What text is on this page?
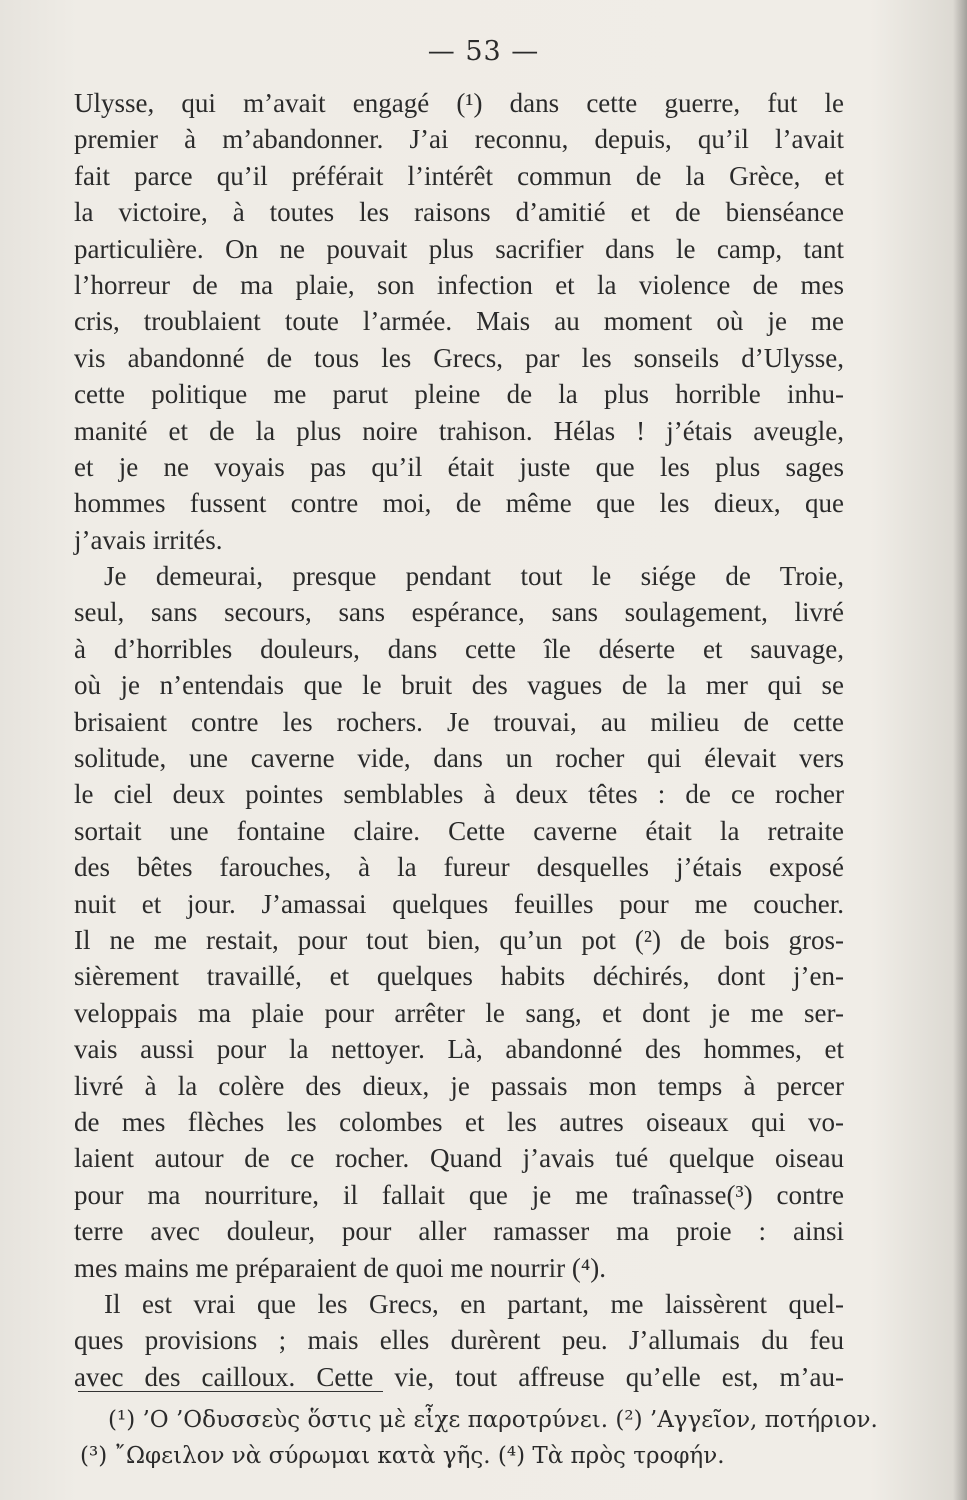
— 53 —
Ulysse, qui m’avait engagé (¹) dans cette guerre, fut le
premier à m’abandonner. J’ai reconnu, depuis, qu’il l’avait
fait parce qu’il préférait l’intérêt commun de la Grèce, et
la victoire, à toutes les raisons d’amitié et de bienséance
particulière. On ne pouvait plus sacrifier dans le camp, tant
l’horreur de ma plaie, son infection et la violence de mes
cris, troublaient toute l’armée. Mais au moment où je me
vis abandonné de tous les Grecs, par les sonseils d’Ulysse,
cette politique me parut pleine de la plus horrible inhu-
manité et de la plus noire trahison. Hélas ! j’étais aveugle,
et je ne voyais pas qu’il était juste que les plus sages
hommes fussent contre moi, de même que les dieux, que
j’avais irrités.
Je demeurai, presque pendant tout le siége de Troie,
seul, sans secours, sans espérance, sans soulagement, livré
à d’horribles douleurs, dans cette île déserte et sauvage,
où je n’entendais que le bruit des vagues de la mer qui se
brisaient contre les rochers. Je trouvai, au milieu de cette
solitude, une caverne vide, dans un rocher qui élevait vers
le ciel deux pointes semblables à deux têtes : de ce rocher
sortait une fontaine claire. Cette caverne était la retraite
des bêtes farouches, à la fureur desquelles j’étais exposé
nuit et jour. J’amassai quelques feuilles pour me coucher.
Il ne me restait, pour tout bien, qu’un pot (²) de bois gros-
sièrement travaillé, et quelques habits déchirés, dont j’en-
veloppais ma plaie pour arrêter le sang, et dont je me ser-
vais aussi pour la nettoyer. Là, abandonné des hommes, et
livré à la colère des dieux, je passais mon temps à percer
de mes flèches les colombes et les autres oiseaux qui vo-
laient autour de ce rocher. Quand j’avais tué quelque oiseau
pour ma nourriture, il fallait que je me traînasse(³) contre
terre avec douleur, pour aller ramasser ma proie : ainsi
mes mains me préparaient de quoi me nourrir (⁴).
Il est vrai que les Grecs, en partant, me laissèrent quel-
ques provisions ; mais elles durèrent peu. J’allumais du feu
avec des cailloux. Cette vie, tout affreuse qu’elle est, m’au-
(¹) ’Ο ’Οδυσσεὺς ὅστις μὲ εἶχε παροτρύνει. (²) ’Αγγεῖον, ποτήριον.
(³) ῎Ωφειλον νὰ σύρωμαι κατὰ γῆς. (⁴) Τὰ πρὸς τροφήν.
